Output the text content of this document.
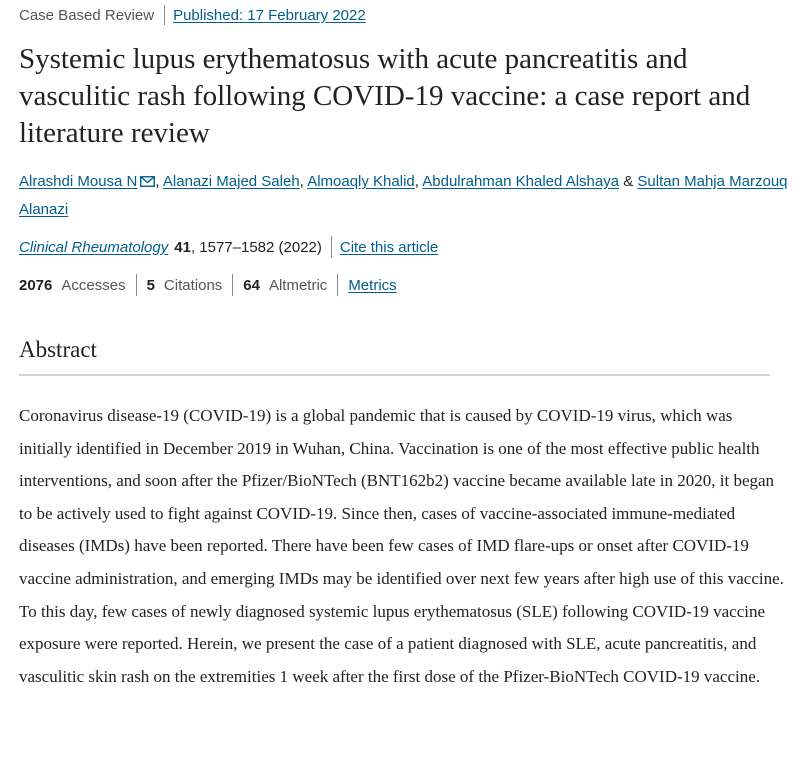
Case Based Review Published: 17 February 2022
Systemic lupus erythematosus with acute pancreatitis and vasculitic rash following COVID-19 vaccine: a case report and literature review
Alrashdi Mousa N , Alanazi Majed Saleh, Almoaqly Khalid, Abdulrahman Khaled Alshaya & Sultan Mahja Marzouq Alanazi
Clinical Rheumatology 41 , 1577–1582 (2022) Cite this article
2076 Accesses 5 Citations 64 Altmetric Metrics
Abstract

Coronavirus disease-19 (COVID-19) is a global pandemic that is caused by COVID-19 virus, which was initially identified in December 2019 in Wuhan, China. Vaccination is one of the most effective public health interventions, and soon after the Pfizer/BioNTech (BNT162b2) vaccine became available late in 2020, it began to be actively used to fight against COVID-19. Since then, cases of vaccine-associated immune-mediated diseases (IMDs) have been reported. There have been few cases of IMD flare-ups or onset after COVID-19 vaccine administration, and emerging IMDs may be identified over next few years after high use of this vaccine. To this day, few cases of newly diagnosed systemic lupus erythematosus (SLE) following COVID-19 vaccine exposure were reported. Herein, we present the case of a patient diagnosed with SLE, acute pancreatitis, and vasculitic skin rash on the extremities 1 week after the first dose of the Pfizer-BioNTech COVID-19 vaccine.
